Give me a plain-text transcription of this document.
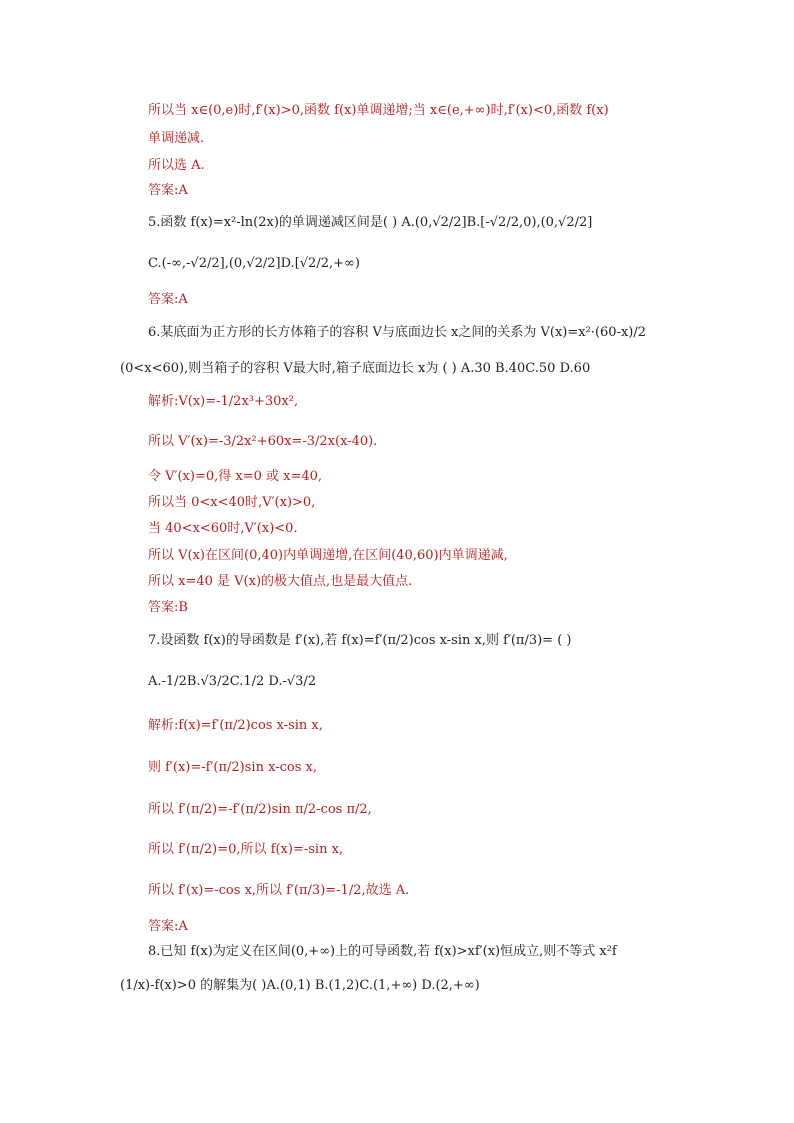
所以当 x∈(0,e)时,f′(x)>0,函数 f(x)单调递增;当 x∈(e,+∞)时,f′(x)<0,函数 f(x)
单调递减.
所以选 A.
答案:A
5.函数 f(x)=x²-ln(2x)的单调递减区间是( ) A.(0,√2/2]B.[-√2/2,0),(0,√2/2]
C.(-∞,-√2/2],(0,√2/2]D.[√2/2,+∞)
答案:A
6.某底面为正方形的长方体箱子的容积 V与底面边长 x之间的关系为 V(x)=x²·(60-x)/2
(0<x<60),则当箱子的容积 V最大时,箱子底面边长 x为 ( ) A.30 B.40C.50 D.60
解析:V(x)=-1/2x³+30x²,
所以 V′(x)=-3/2x²+60x=-3/2x(x-40).
令 V′(x)=0,得 x=0 或 x=40,
所以当 0<x<40时,V′(x)>0,
当 40<x<60时,V′(x)<0.
所以 V(x)在区间(0,40)内单调递增,在区间(40,60)内单调递减,
所以 x=40 是 V(x)的极大值点,也是最大值点.
答案:B
7.设函数 f(x)的导函数是 f′(x),若 f(x)=f′(π/2)cos x-sin x,则 f′(π/3)= ( )
A.-1/2B.√3/2C.1/2 D.-√3/2
解析:f(x)=f′(π/2)cos x-sin x,
则 f′(x)=-f′(π/2)sin x-cos x,
所以 f′(π/2)=-f′(π/2)sin π/2-cos π/2,
所以 f′(π/2)=0,所以 f(x)=-sin x,
所以 f′(x)=-cos x,所以 f′(π/3)=-1/2,故选 A.
答案:A
8.已知 f(x)为定义在区间(0,+∞)上的可导函数,若 f(x)>xf′(x)恒成立,则不等式 x²f
(1/x)-f(x)>0 的解集为( )A.(0,1) B.(1,2)C.(1,+∞) D.(2,+∞)
